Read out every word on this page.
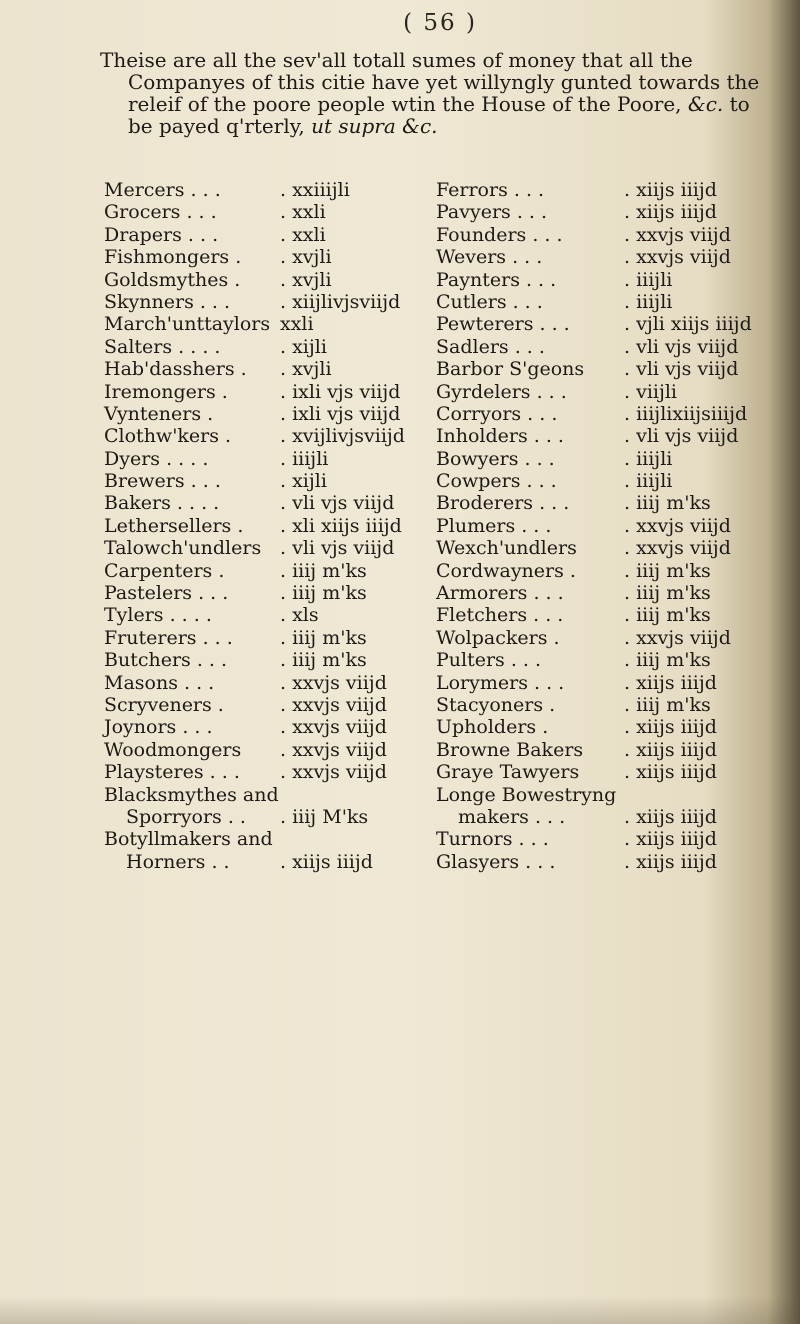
( 56 )

Theise are all the sev'all totall sumes of money that all the Companyes of this citie have yet willyngly gunted towards the releif of the poore people wtin the House of the Poore, &c. to be payed q'rterly, ut supra &c.

Mercers . . .	. xxiiijli
Grocers . . .	. xxli
Drapers . . .	. xxli
Fishmongers . . xvjli
Goldsmythes . . xvjli
Skynners . . .	. xiijlivjsviijd
March'unttaylors xxli
Salters . . . .	. xijli
Hab'dasshers . . xvjli
Iremongers .	. ixli vjs viijd
Vynteners .	. ixli vjs viijd
Clothw'kers .	. xvijlivjsviijd
Dyers . . . .	. iiijli
Brewers . . .	. xijli
Bakers . . . .	. vli vjs viijd
Lethersellers . . xli xiijs iiijd
Talowch'undlers . vli vjs viijd
Carpenters .	. iiij m'ks
Pastelers . . .	. iiij m'ks
Tylers . . . .	. xls
Fruterers . . . . iiij m'ks
Butchers . . .	. iiij m'ks
Masons . . .	. xxvjs viijd
Scryveners .	. xxvjs viijd
Joynors . . .	. xxvjs viijd
Woodmongers . xxvjs viijd
Playsteres . . . . xxvjs viijd
Blacksmythes and
Sporryors . . . iiij M'ks
Botyllmakers and
Horners . .	. xiijs iiijd
Ferrors . . .	. xiijs iiijd
Pavyers . . .	. xiijs iiijd
Founders . . .	. xxvjs viijd
Wevers . . .	. xxvjs viijd
Paynters . . .	. iiijli
Cutlers . . .	. iiijli
Pewterers . . .	. vjli xiijs iiijd
Sadlers . . .	. vli vjs viijd
Barbor S'geons . vli vjs viijd
Gyrdelers . . .	. viijli
Corryors . . .	. iiijlixiijsiiijd
Inholders . . .	. vli vjs viijd
Bowyers . . .	. iiijli
Cowpers . . .	. iiijli
Broderers . . .	. iiij m'ks
Plumers . . .	. xxvjs viijd
Wexch'undlers . xxvjs viijd
Cordwayners .	. iiij m'ks
Armorers . . .	. iiij m'ks
Fletchers . . .	. iiij m'ks
Wolpackers .	. xxvjs viijd
Pulters . . .	. iiij m'ks
Lorymers . . .	. xiijs iiijd
Stacyoners .	. iiij m'ks
Upholders .	. xiijs iiijd
Browne Bakers . xiijs iiijd
Graye Tawyers . xiijs iiijd
Longe Bowestryng
makers . . .	. xiijs iiijd
Turnors . . .	. xiijs iiijd
Glasyers . . .	. xiijs iiijd
